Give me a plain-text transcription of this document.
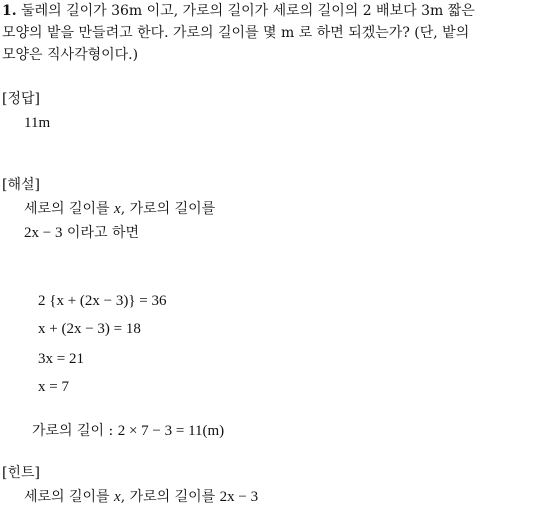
1. 둘레의 길이가 36m 이고, 가로의 길이가 세로의 길이의 2 배보다 3m 짧은
모양의 밭을 만들려고 한다. 가로의 길이를 몇 m 로 하면 되겠는가? (단, 밭의
모양은 직사각형이다.)
[정답]
11m
[해설]
세로의 길이를 x, 가로의 길이를
2x − 3 이라고 하면
2 {x + (2x − 3)} = 36
x + (2x − 3) = 18
3x = 21
x = 7
가로의 길이 : 2 × 7 − 3 = 11(m)
[힌트]
세로의 길이를 x, 가로의 길이를 2x − 3
